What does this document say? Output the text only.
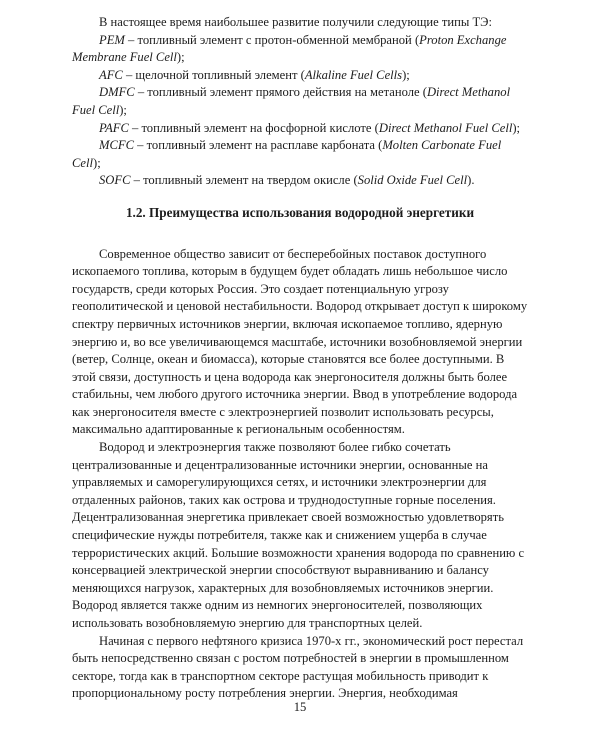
В настоящее время наибольшее развитие получили следующие типы ТЭ:

PEM – топливный элемент с протон-обменной мембраной (Proton Exchange Membrane Fuel Cell);

AFC – щелочной топливный элемент (Alkaline Fuel Cells);

DMFC – топливный элемент прямого действия на метаноле (Direct Methanol Fuel Cell);

PAFC – топливный элемент на фосфорной кислоте (Direct Methanol Fuel Cell);

MCFC – топливный элемент на расплаве карбоната (Molten Carbonate Fuel Cell);

SOFC – топливный элемент на твердом окисле (Solid Oxide Fuel Cell).

1.2. Преимущества использования водородной энергетики

Современное общество зависит от бесперебойных поставок доступного ископаемого топлива, которым в будущем будет обладать лишь небольшое число государств, среди которых Россия. Это создает потенциальную угрозу геополитической и ценовой нестабильности. Водород открывает доступ к широкому спектру первичных источников энергии, включая ископаемое топливо, ядерную энергию и, во все увеличивающемся масштабе, источники возобновляемой энергии (ветер, Солнце, океан и биомасса), которые становятся все более доступными. В этой связи, доступность и цена водорода как энергоносителя должны быть более стабильны, чем любого другого источника энергии. Ввод в употребление водорода как энергоносителя вместе с электроэнергией позволит использовать ресурсы, максимально адаптированные к региональным особенностям.

Водород и электроэнергия также позволяют более гибко сочетать централизованные и децентрализованные источники энергии, основанные на управляемых и саморегулирующихся сетях, и источники электроэнергии для отдаленных районов, таких как острова и труднодоступные горные поселения. Децентрализованная энергетика привлекает своей возможностью удовлетворять специфические нужды потребителя, также как и снижением ущерба в случае террористических акций. Большие возможности хранения водорода по сравнению с консервацией электрической энергии способствуют выравниванию и балансу меняющихся нагрузок, характерных для возобновляемых источников энергии. Водород является также одним из немногих энергоносителей, позволяющих использовать возобновляемую энергию для транспортных целей.

Начиная с первого нефтяного кризиса 1970-х гг., экономический рост перестал быть непосредственно связан с ростом потребностей в энергии в промышленном секторе, тогда как в транспортном секторе растущая мобильность приводит к пропорциональному росту потребления энергии. Энергия, необходимая

15
